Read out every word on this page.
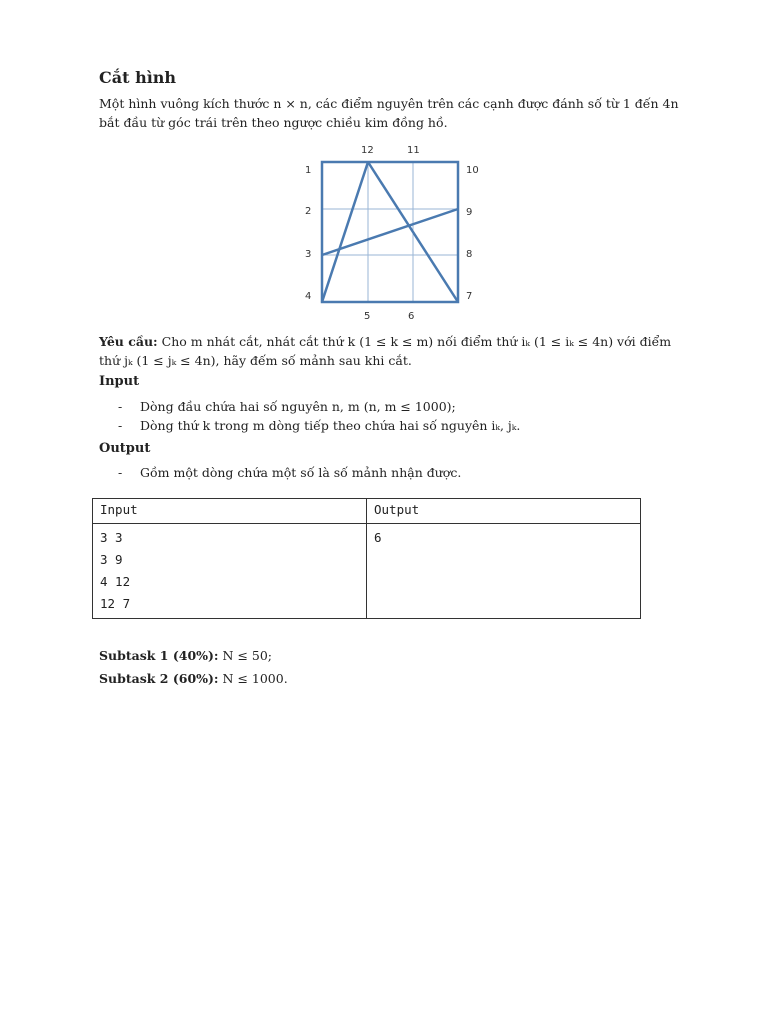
Cắt hình

Một hình vuông kích thước n × n, các điểm nguyên trên các cạnh được đánh số từ 1 đến 4n bắt đầu từ góc trái trên theo ngược chiều kim đồng hồ.

1
2
3
4
5	6
7
8
9
10
11
12

Yêu cầu: Cho m nhát cắt, nhát cắt thứ k (1 ≤ k ≤ m) nối điểm thứ iₖ (1 ≤ iₖ ≤ 4n) với điểm thứ jₖ (1 ≤ jₖ ≤ 4n), hãy đếm số mảnh sau khi cắt.

Input
- Dòng đầu chứa hai số nguyên n, m (n, m ≤ 1000);
- Dòng thứ k trong m dòng tiếp theo chứa hai số nguyên iₖ, jₖ.
Output
- Gồm một dòng chứa một số là số mảnh nhận được.
Input	Output

3 3
3 9
4 12
12 7	6

Subtask 1 (40%): N ≤ 50;

Subtask 2 (60%): N ≤ 1000.
